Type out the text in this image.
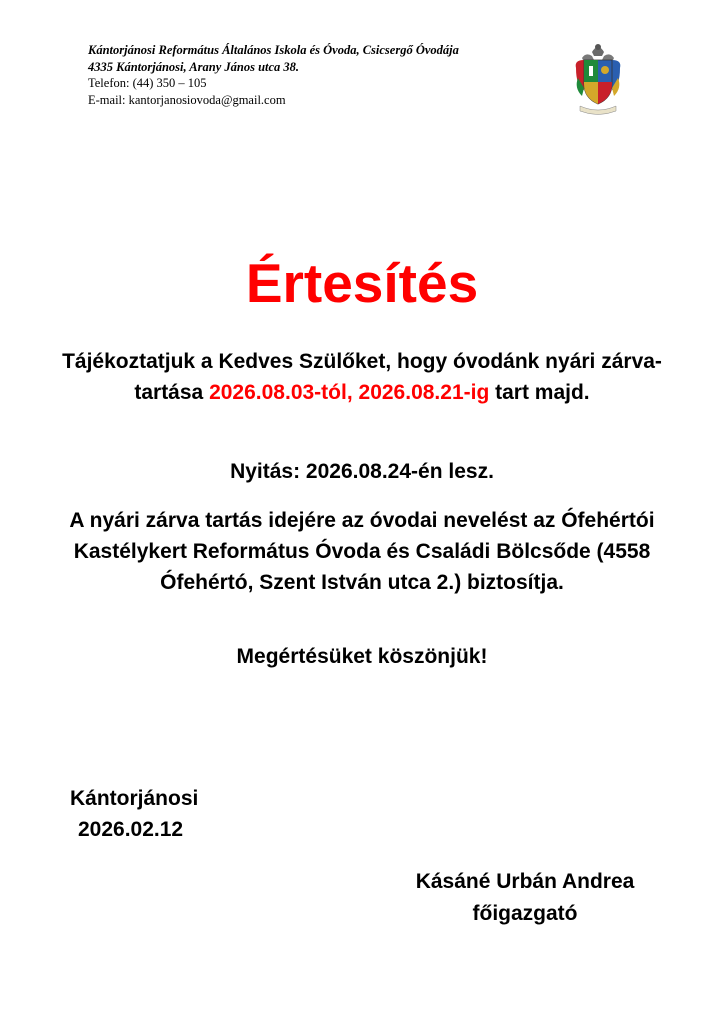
Kántorjánosi Református Általános Iskola és Óvoda, Csicsergő Óvodája
4335 Kántorjánosi, Arany János utca 38.
Telefon: (44) 350 – 105
E-mail: kantorjanosiovoda@gmail.com
Értesítés
Tájékoztatjuk a Kedves Szülőket, hogy óvodánk nyári zárva-tartása 2026.08.03-tól, 2026.08.21-ig tart majd.
Nyitás: 2026.08.24-én lesz.
A nyári zárva tartás idejére az óvodai nevelést az Ófehértói Kastélykert Református Óvoda és Családi Bölcsőde (4558 Ófehértó, Szent István utca 2.) biztosítja.
Megértésüket köszönjük!
Kántorjánosi
2026.02.12
Kásáné Urbán Andrea
főigazgató
